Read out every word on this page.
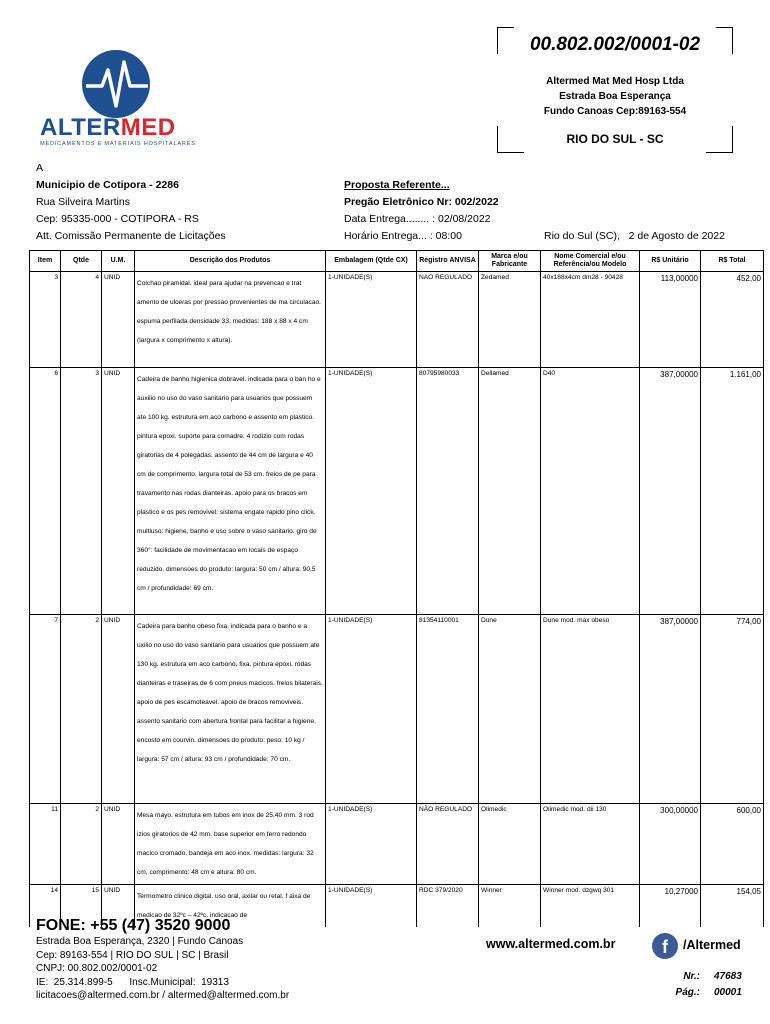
ALTERMED
MEDICAMENTOS E MATERIAIS HOSPITALARES
00.802.002/0001-02
Altermed Mat Med Hosp Ltda
Estrada Boa Esperança
Fundo Canoas Cep:89163-554
RIO DO SUL - SC
A
Municipio de Cotipora - 2286
Rua Silveira Martins
Cep: 95335-000 - COTIPORA - RS
Att. Comissão Permanente de Licitações
Proposta Referente...
Pregão Eletrônico Nr: 002/2022
Data Entrega........ : 02/08/2022
Horário Entrega... : 08:00	Rio do Sul (SC),   2 de Agosto de 2022
Item	Qtde	U.M.	Descrição dos Produtos	Embalagem (Qtde CX)	Registro ANVISA	Marca e/ou Fabricante	Nome Comercial e/ou Referência/ou Modelo	R$ Unitário	R$ Total
3	4	UNID	Colchao piramidal. ideal para ajudar na prevencao e trat amento de ulceras por pressao provenientes de ma circulacao. espuma perfilada densidade 33. medidas: 188 x 88 x 4 cm (largura x comprimento x altura).	1-UNIDADE(S)	NAO REGULADO	Zedamed	40x188x4cm dm28 - 90428	113,00000	452,00
6	3	UNID	Cadeira de banho higienica dobravel. indicada para o ban ho e auxilio no uso do vaso sanitario para usuarios que possuem ate 100 kg. estrutura em aco carbono e assento em plastico. pintura epoxi. suporte para comadre. 4 rodizio com rodas giratorias de 4 polegadas. assento de 44 cm de largura e 40 cm de comprimento. largura total de 53 cm. freios de pe para travamento nas rodas dianteiras. apoio para os bracos em plastico e os pes removivel. sistema engate rapido pino click. multiuso: higiene, banho e uso sobre o vaso sanitario. giro de 360°: facilidade de movimentacao em locais de espaço reduzido. dimensoes do produto: largura: 50 cm / altura: 90,5 cm / profundidade: 69 cm.	1-UNIDADE(S)	80795980033	Dellamed	D40	387,00000	1.161,00
7	2	UNID	Cadeira para banho obeso fixa. indicada para o banho e a uxilio no uso do vaso sanitario para usuarios que possuem ate 130 kg. estrutura em aco carbono, fixa. pintura epoxi. rodas dianteiras e traseiras de 6 com pneus macicos. freios bilaterais. apoio de pes escamoteavel. apoio de bracos removiveis. assento sanitario com abertura frontal para facilitar a higiene. encosto em courvin. dimensoes do produto: peso: 10 kg / largura: 57 cm / altura: 93 cm / profundidade: 70 cm.	1-UNIDADE(S)	81354110001	Dune	Dune mod. max obeso	387,00000	774,00
11	2	UNID	Mesa mayo. estrutura em tubos em inox de 25,40 mm. 3 rod izios giratorios de 42 mm. base superior em ferro redondo macico cromado. bandeja em aco inox. medidas: largura: 32 cm, comprimento: 48 cm e altura: 80 cm.	1-UNIDADE(S)	NÃO REGULADO	Olimedic	Olimedic mod. dii 130	300,00000	600,00
14	15	UNID	Termometro clinico digital. uso oral, axilar ou retal. f aixa de medicao de 32ºc – 42ºc. indicacao de	1-UNIDADE(S)	RDC 379/2020	Winner	Winner mod. dzgwq 301	10,27000	154,05
FONE: +55 (47) 3520 9000
Estrada Boa Esperança, 2320 | Fundo Canoas
Cep: 89163-554 | RIO DO SUL | SC | Brasil
CNPJ: 00.802.002/0001-02
IE:  25.314.899-5      Insc.Municipal:  19313
licitacoes@altermed.com.br / altermed@altermed.com.br
www.altermed.com.br	f	/Altermed
Nr.: 47683
Pág.: 00001
